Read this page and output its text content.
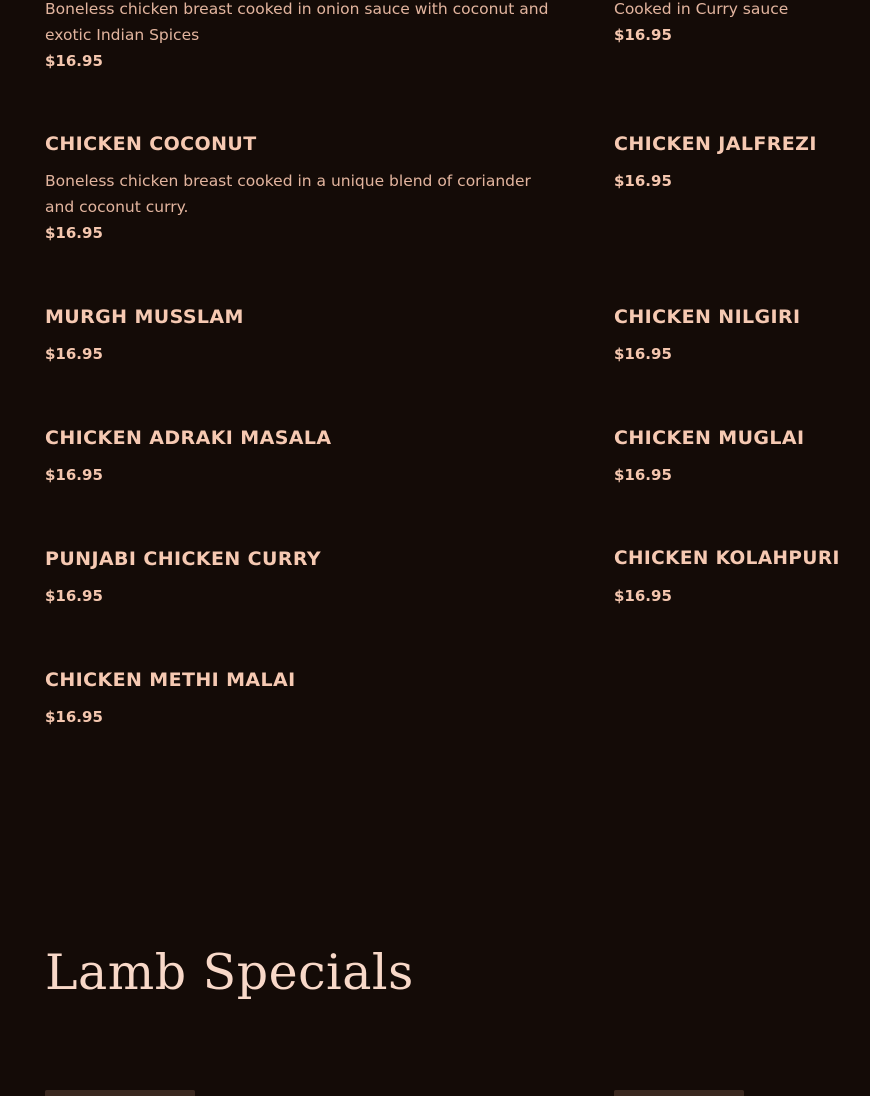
Boneless chicken breast cooked in onion sauce with coconut and exotic Indian Spices
$16.95
Cooked in Curry sauce
$16.95
CHICKEN COCONUT
Boneless chicken breast cooked in a unique blend of coriander and coconut curry.
$16.95
MURGH MUSSLAM
$16.95
CHICKEN ADRAKI MASALA
$16.95
PUNJABI CHICKEN CURRY
$16.95
CHICKEN METHI MALAI
$16.95
CHICKEN JALFREZI
$16.95
CHICKEN NILGIRI
$16.95
CHICKEN MUGLAI
$16.95
CHICKEN KOLAHPURI
$16.95
Lamb Specials
